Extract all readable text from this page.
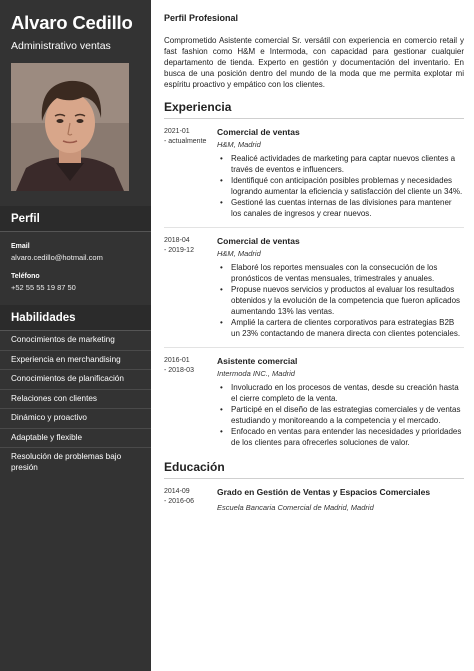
Alvaro Cedillo
Administrativo ventas
Perfil
Email
alvaro.cedillo@hotmail.com
Teléfono
+52 55 55 19 87 50
Habilidades
Conocimientos de marketing
Experiencia en merchandising
Conocimientos de planificación
Relaciones con clientes
Dinámico y proactivo
Adaptable y flexible
Resolución de problemas bajo presión
Perfil Profesional
Comprometido Asistente comercial Sr. versátil con experiencia en comercio retail y fast fashion como H&M e Intermoda, con capacidad para gestionar cualquier departamento de tienda. Experto en gestión y documentación del inventario. En busca de una posición dentro del mundo de la moda que me permita explotar mi espíritu proactivo y empático con los clientes.
Experiencia
2021-01
- actualmente
Comercial de ventas
H&M, Madrid
• Realicé actividades de marketing para captar nuevos clientes a través de eventos e influencers.
• Identifiqué con anticipación posibles problemas y necesidades logrando aumentar la eficiencia y satisfacción del cliente un 34%.
• Gestioné las cuentas internas de las divisiones para mantener los canales de ingresos y crear nuevos.
2018-04
- 2019-12
Comercial de ventas
H&M, Madrid
• Elaboré los reportes mensuales con la consecución de los pronósticos de ventas mensuales, trimestrales y anuales.
• Propuse nuevos servicios y productos al evaluar los resultados obtenidos y la evolución de la competencia que fueron aplicados aumentando 13% las ventas.
• Amplié la cartera de clientes corporativos para estrategias B2B un 23% contactando de manera directa con clientes potenciales.
2016-01
- 2018-03
Asistente comercial
Intermoda INC., Madrid
• Involucrado en los procesos de ventas, desde su creación hasta el cierre completo de la venta.
• Participé en el diseño de las estrategias comerciales y de ventas estudiando y monitoreando a la competencia y el mercado.
• Enfocado en ventas para entender las necesidades y prioridades de los clientes para ofrecerles soluciones de valor.
Educación
2014-09
- 2016-06
Grado en Gestión de Ventas y Espacios Comerciales
Escuela Bancaria Comercial de Madrid, Madrid
